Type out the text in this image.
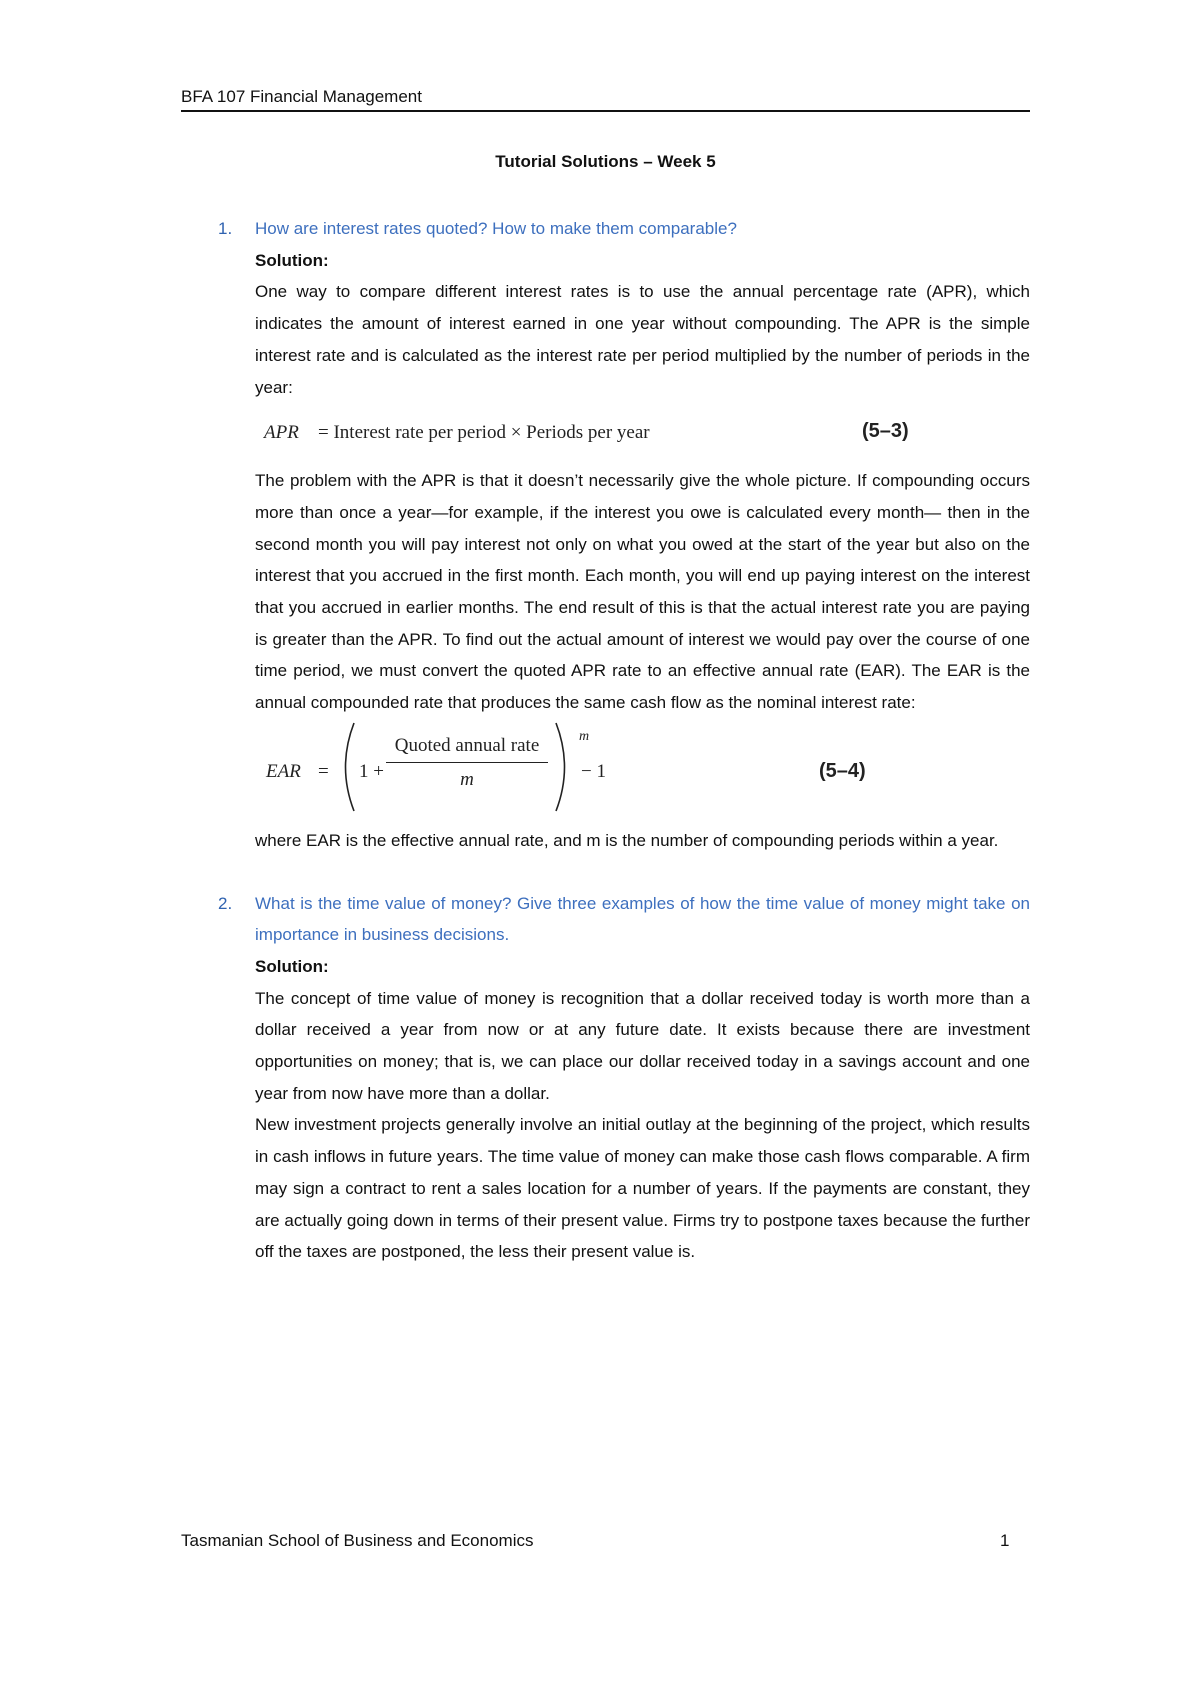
BFA 107 Financial Management
Tutorial Solutions – Week 5
1. How are interest rates quoted? How to make them comparable?
Solution:
One way to compare different interest rates is to use the annual percentage rate (APR), which indicates the amount of interest earned in one year without compounding. The APR is the simple interest rate and is calculated as the interest rate per period multiplied by the number of periods in the year:
APR = Interest rate per period × Periods per year	(5–3)
The problem with the APR is that it doesn’t necessarily give the whole picture. If compounding occurs more than once a year—for example, if the interest you owe is calculated every month— then in the second month you will pay interest not only on what you owed at the start of the year but also on the interest that you accrued in the first month. Each month, you will end up paying interest on the interest that you accrued in earlier months. The end result of this is that the actual interest rate you are paying is greater than the APR. To find out the actual amount of interest we would pay over the course of one time period, we must convert the quoted APR rate to an effective annual rate (EAR). The EAR is the annual compounded rate that produces the same cash flow as the nominal interest rate:
EAR = 1 +
Quoted annual rate
m
m
− 1	(5–4)
where EAR is the effective annual rate, and m is the number of compounding periods within a year.
2. What is the time value of money? Give three examples of how the time value of money might take on importance in business decisions.
Solution:
The concept of time value of money is recognition that a dollar received today is worth more than a dollar received a year from now or at any future date. It exists because there are investment opportunities on money; that is, we can place our dollar received today in a savings account and one year from now have more than a dollar.
New investment projects generally involve an initial outlay at the beginning of the project, which results in cash inflows in future years. The time value of money can make those cash flows comparable. A firm may sign a contract to rent a sales location for a number of years. If the payments are constant, they are actually going down in terms of their present value. Firms try to postpone taxes because the further off the taxes are postponed, the less their present value is.
Tasmanian School of Business and Economics	1
